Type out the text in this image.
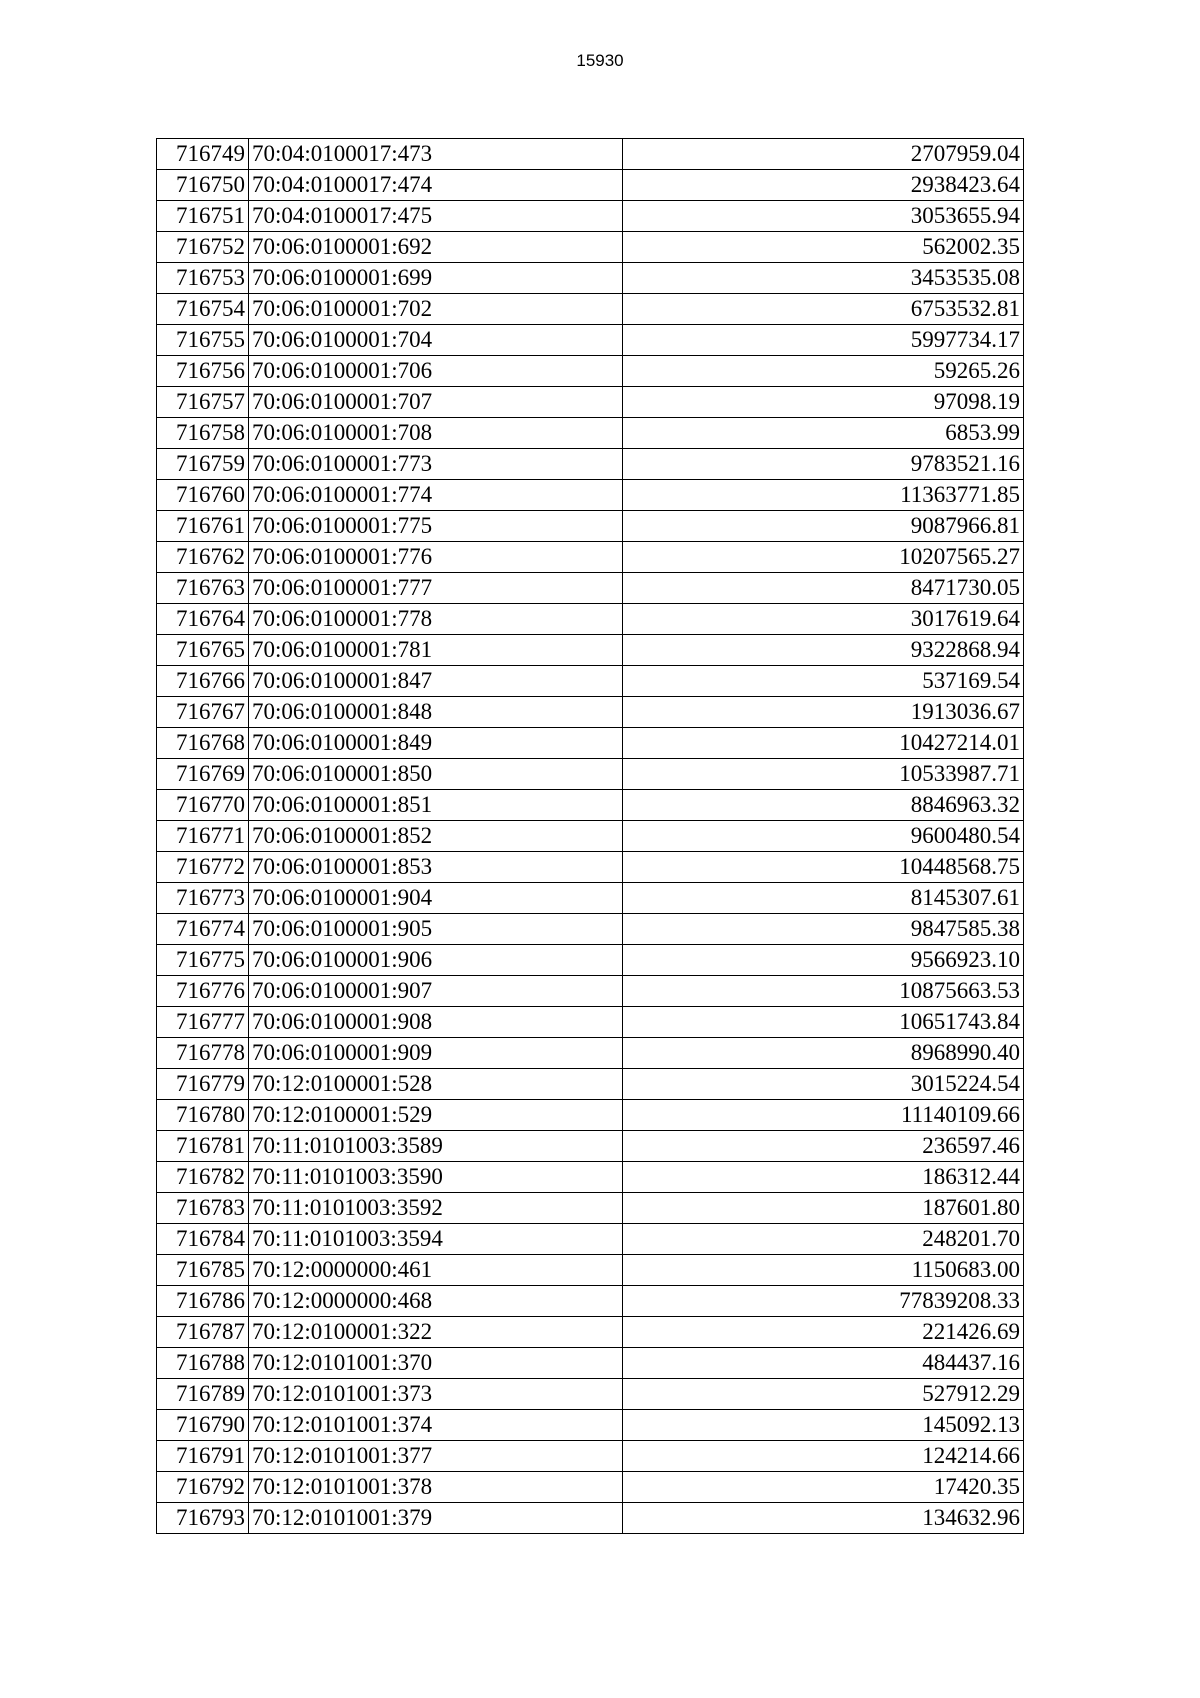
15930
716749	70:04:0100017:473	2707959.04
716750	70:04:0100017:474	2938423.64
716751	70:04:0100017:475	3053655.94
716752	70:06:0100001:692	562002.35
716753	70:06:0100001:699	3453535.08
716754	70:06:0100001:702	6753532.81
716755	70:06:0100001:704	5997734.17
716756	70:06:0100001:706	59265.26
716757	70:06:0100001:707	97098.19
716758	70:06:0100001:708	6853.99
716759	70:06:0100001:773	9783521.16
716760	70:06:0100001:774	11363771.85
716761	70:06:0100001:775	9087966.81
716762	70:06:0100001:776	10207565.27
716763	70:06:0100001:777	8471730.05
716764	70:06:0100001:778	3017619.64
716765	70:06:0100001:781	9322868.94
716766	70:06:0100001:847	537169.54
716767	70:06:0100001:848	1913036.67
716768	70:06:0100001:849	10427214.01
716769	70:06:0100001:850	10533987.71
716770	70:06:0100001:851	8846963.32
716771	70:06:0100001:852	9600480.54
716772	70:06:0100001:853	10448568.75
716773	70:06:0100001:904	8145307.61
716774	70:06:0100001:905	9847585.38
716775	70:06:0100001:906	9566923.10
716776	70:06:0100001:907	10875663.53
716777	70:06:0100001:908	10651743.84
716778	70:06:0100001:909	8968990.40
716779	70:12:0100001:528	3015224.54
716780	70:12:0100001:529	11140109.66
716781	70:11:0101003:3589	236597.46
716782	70:11:0101003:3590	186312.44
716783	70:11:0101003:3592	187601.80
716784	70:11:0101003:3594	248201.70
716785	70:12:0000000:461	1150683.00
716786	70:12:0000000:468	77839208.33
716787	70:12:0100001:322	221426.69
716788	70:12:0101001:370	484437.16
716789	70:12:0101001:373	527912.29
716790	70:12:0101001:374	145092.13
716791	70:12:0101001:377	124214.66
716792	70:12:0101001:378	17420.35
716793	70:12:0101001:379	134632.96
